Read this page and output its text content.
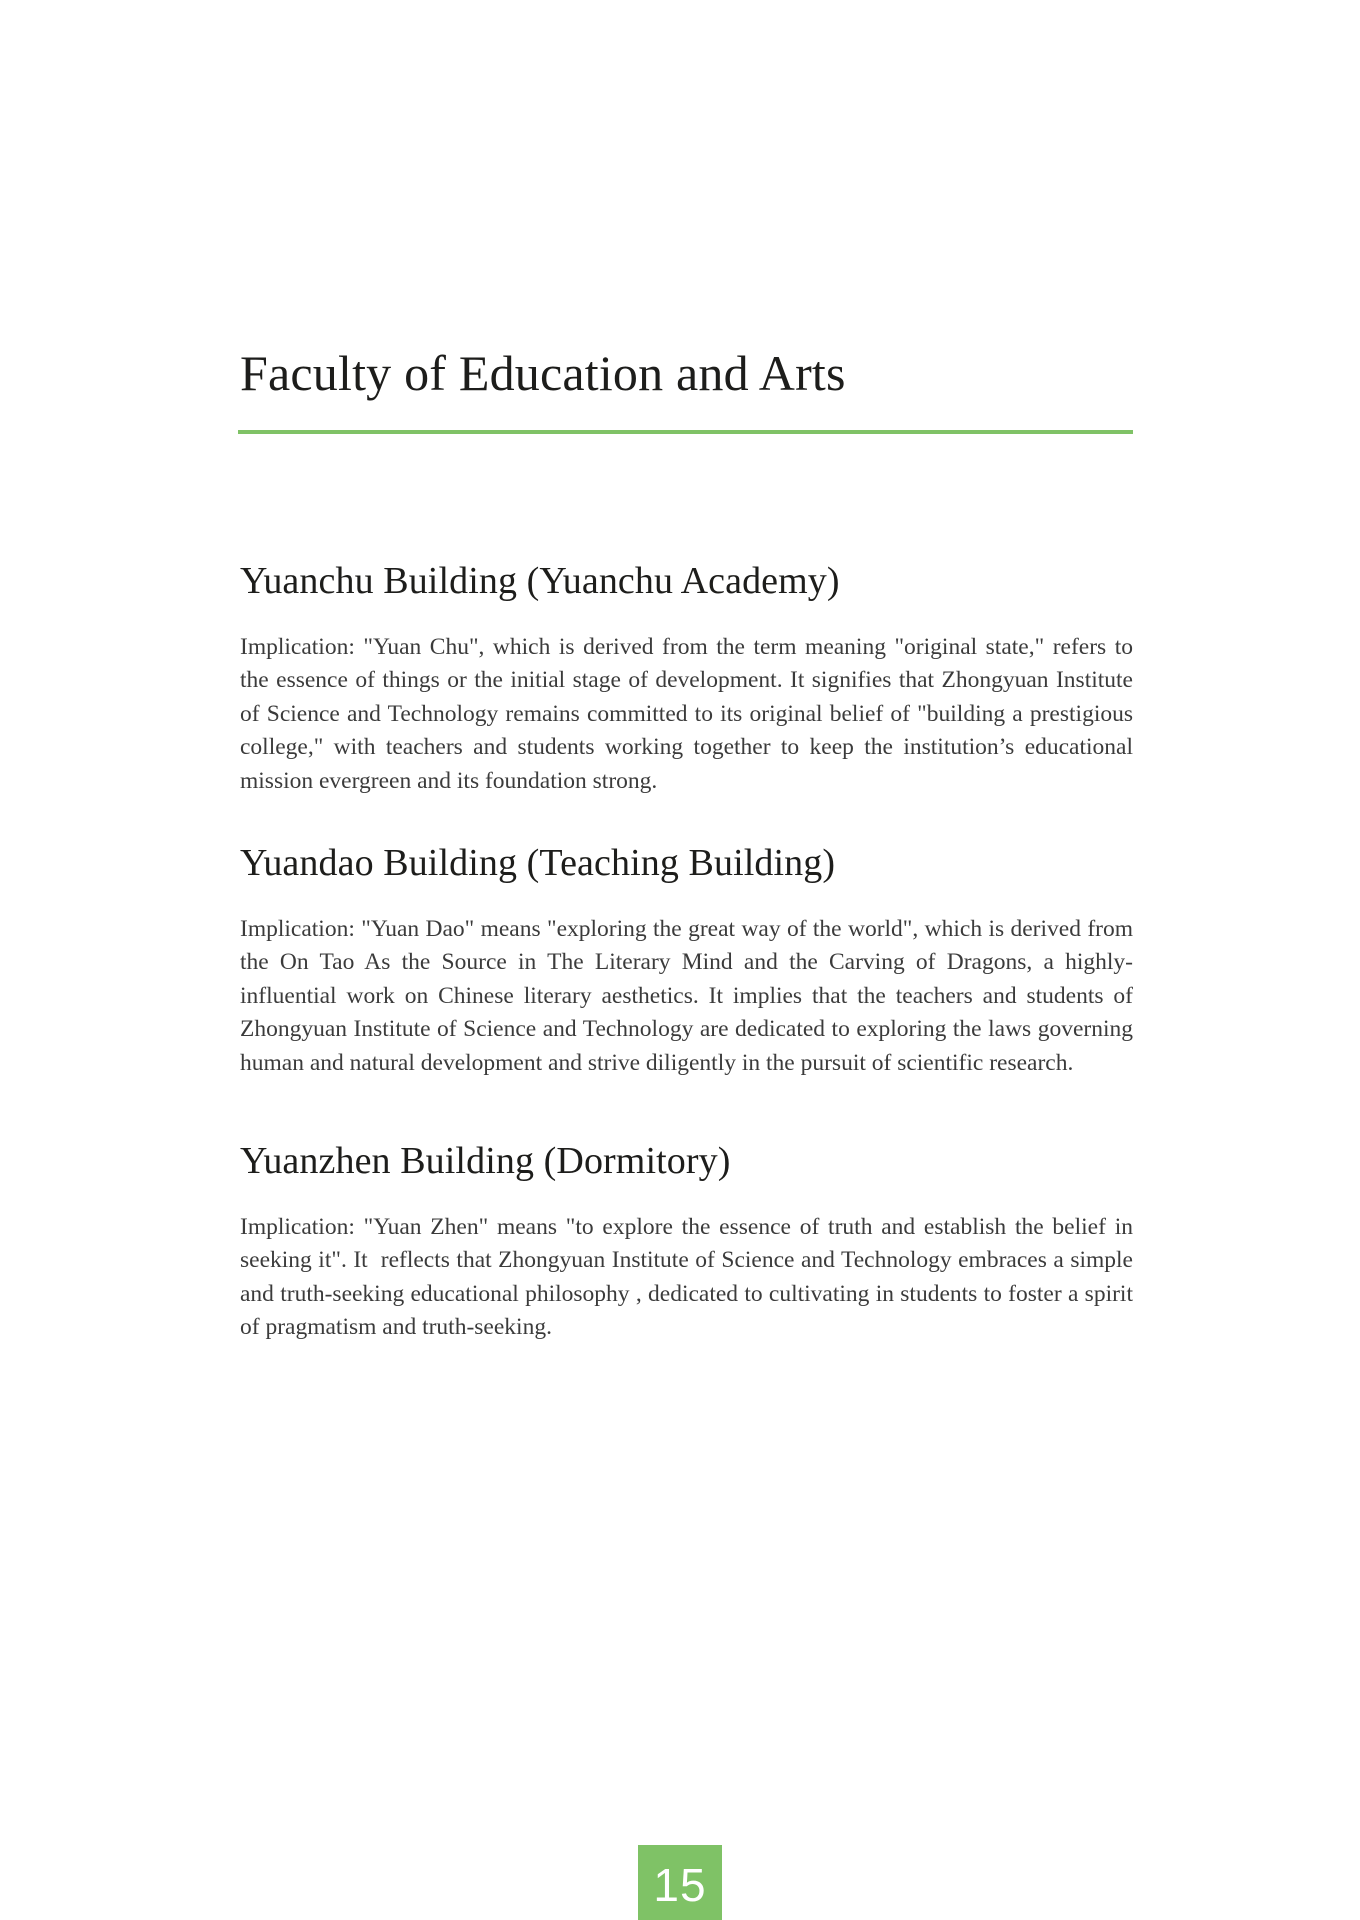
Faculty of Education and Arts
Yuanchu Building (Yuanchu Academy)

Implication: "Yuan Chu", which is derived from the term meaning "original state," refers to the essence of things or the initial stage of development. It signifies that Zhongyuan Institute of Science and Technology remains committed to its original belief of "building a prestigious college," with teachers and students working together to keep the institution’s educational mission evergreen and its foundation strong.

Yuandao Building (Teaching Building)

Implication: "Yuan Dao" means "exploring the great way of the world", which is derived from the On Tao As the Source in The Literary Mind and the Carving of Dragons, a highly-influential work on Chinese literary aesthetics. It implies that the teachers and students of Zhongyuan Institute of Science and Technology are dedicated to exploring the laws governing human and natural development and strive diligently in the pursuit of scientific research.

Yuanzhen Building (Dormitory)

Implication: "Yuan Zhen" means "to explore the essence of truth and establish the belief in seeking it". It  reflects that Zhongyuan Institute of Science and Technology embraces a simple and truth-seeking educational philosophy , dedicated to cultivating in students to foster a spirit of pragmatism and truth-seeking.

15
